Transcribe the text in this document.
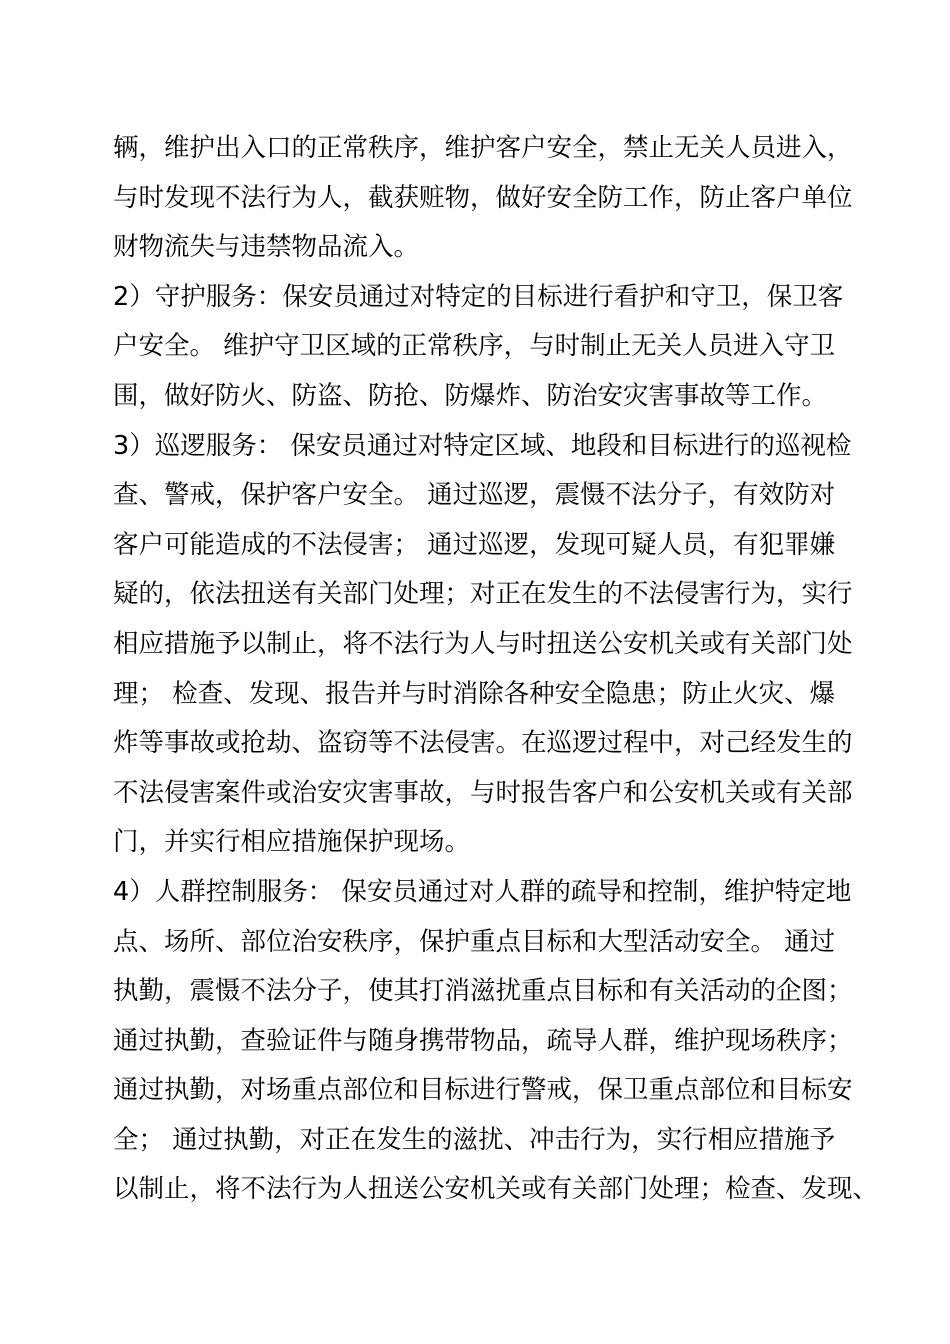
辆，维护出入口的正常秩序，维护客户安全，禁止无关人员进入，
与时发现不法行为人，截获赃物，做好安全防工作，防止客户单位
财物流失与违禁物品流入。
2）守护服务：保安员通过对特定的目标进行看护和守卫，保卫客
户安全。 维护守卫区域的正常秩序，与时制止无关人员进入守卫
围，做好防火、防盗、防抢、防爆炸、防治安灾害事故等工作。
3）巡逻服务： 保安员通过对特定区域、地段和目标进行的巡视检
查、警戒，保护客户安全。 通过巡逻，震慑不法分子，有效防对
客户可能造成的不法侵害； 通过巡逻，发现可疑人员，有犯罪嫌
疑的，依法扭送有关部门处理；对正在发生的不法侵害行为，实行
相应措施予以制止，将不法行为人与时扭送公安机关或有关部门处
理； 检查、发现、报告并与时消除各种安全隐患；防止火灾、爆
炸等事故或抢劫、盗窃等不法侵害。在巡逻过程中，对己经发生的
不法侵害案件或治安灾害事故，与时报告客户和公安机关或有关部
门，并实行相应措施保护现场。
4）人群控制服务： 保安员通过对人群的疏导和控制，维护特定地
点、场所、部位治安秩序，保护重点目标和大型活动安全。 通过
执勤，震慑不法分子，使其打消滋扰重点目标和有关活动的企图；
通过执勤，查验证件与随身携带物品，疏导人群，维护现场秩序；
通过执勤，对场重点部位和目标进行警戒，保卫重点部位和目标安
全； 通过执勤，对正在发生的滋扰、冲击行为，实行相应措施予
以制止，将不法行为人扭送公安机关或有关部门处理；检查、发现、
